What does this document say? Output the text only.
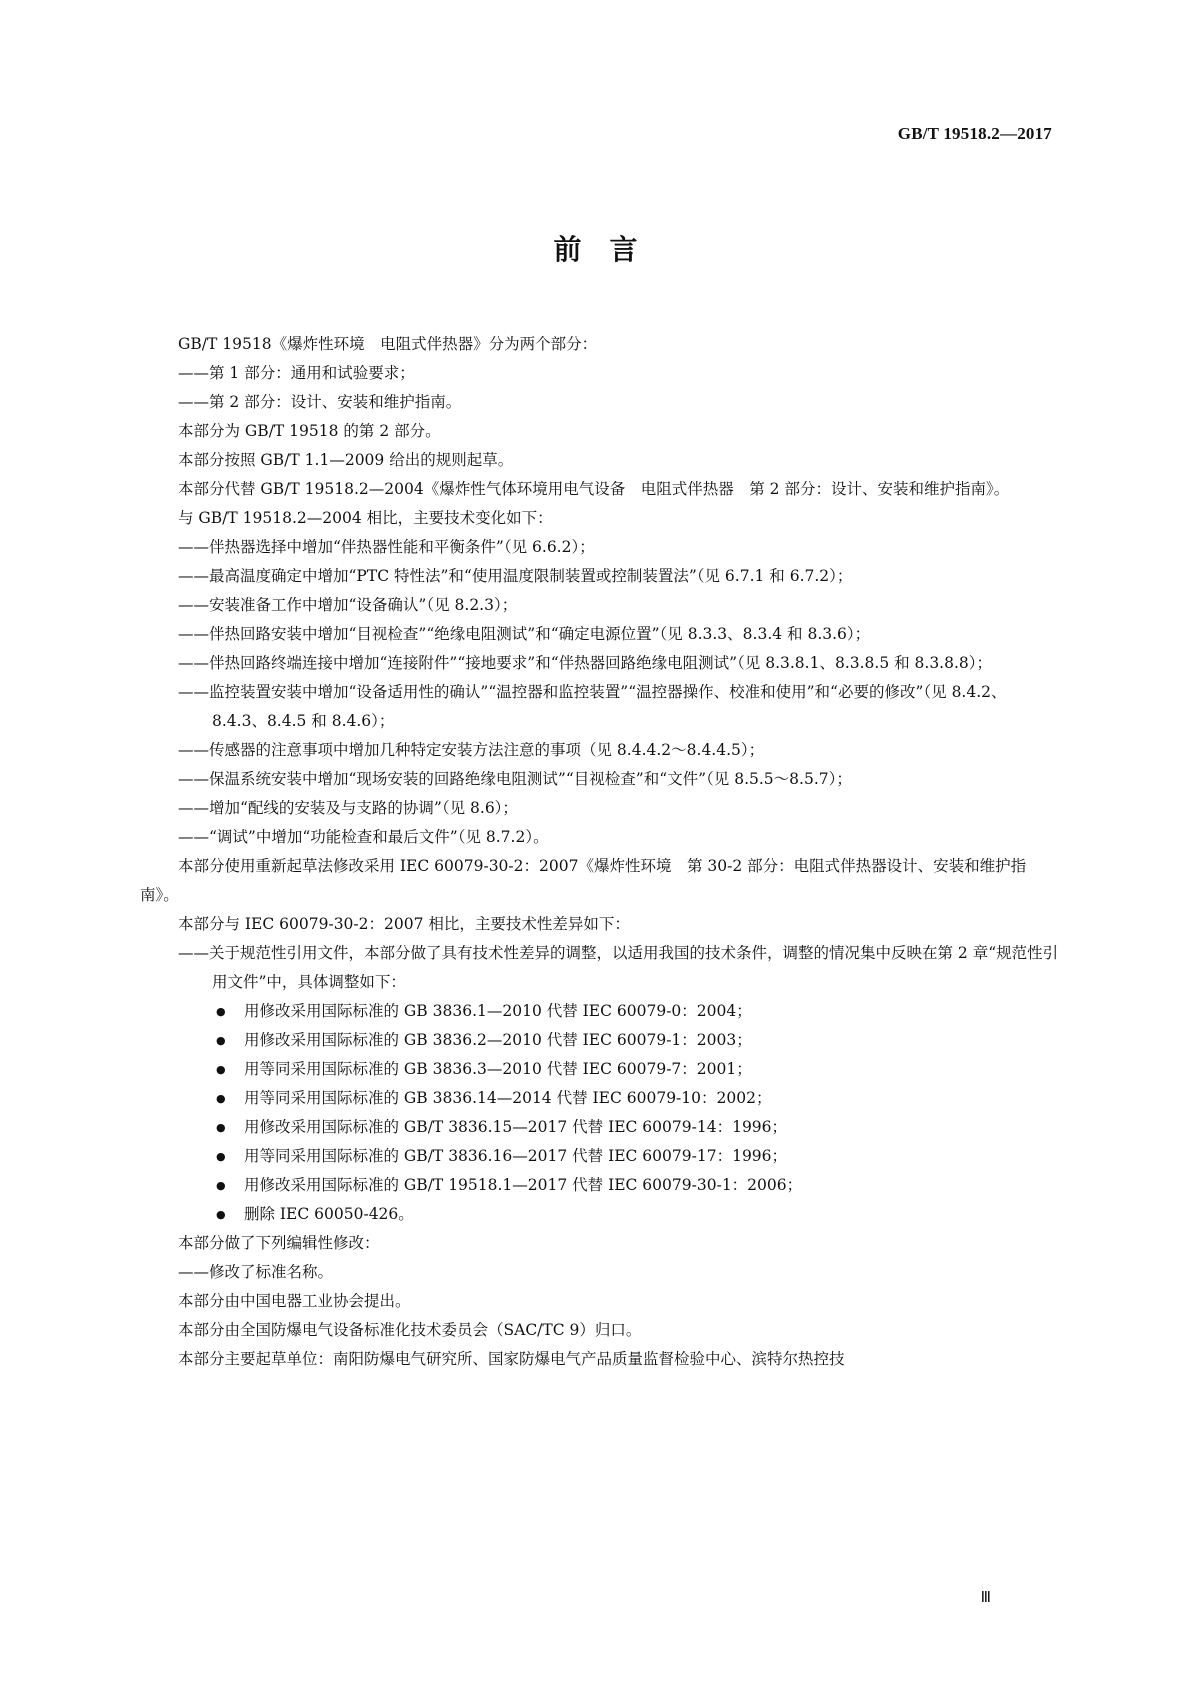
GB/T 19518.2—2017
前言

GB/T 19518《爆炸性环境　电阻式伴热器》分为两个部分：

——第 1 部分：通用和试验要求；

——第 2 部分：设计、安装和维护指南。

本部分为 GB/T 19518 的第 2 部分。

本部分按照 GB/T 1.1—2009 给出的规则起草。

本部分代替 GB/T 19518.2—2004《爆炸性气体环境用电气设备　电阻式伴热器　第 2 部分：设计、安装和维护指南》。

与 GB/T 19518.2—2004 相比，主要技术变化如下：

——伴热器选择中增加“伴热器性能和平衡条件”（见 6.6.2）；

——最高温度确定中增加“PTC 特性法”和“使用温度限制装置或控制装置法”（见 6.7.1 和 6.7.2）；

——安装准备工作中增加“设备确认”（见 8.2.3）；

——伴热回路安装中增加“目视检查”“绝缘电阻测试”和“确定电源位置”（见 8.3.3、8.3.4 和 8.3.6）；

——伴热回路终端连接中增加“连接附件”“接地要求”和“伴热器回路绝缘电阻测试”（见 8.3.8.1、8.3.8.5 和 8.3.8.8）；

——监控装置安装中增加“设备适用性的确认”“温控器和监控装置”“温控器操作、校准和使用”和“必要的修改”（见 8.4.2、8.4.3、8.4.5 和 8.4.6）；

——传感器的注意事项中增加几种特定安装方法注意的事项（见 8.4.4.2～8.4.4.5）；

——保温系统安装中增加“现场安装的回路绝缘电阻测试”“目视检查”和“文件”（见 8.5.5～8.5.7）；

——增加“配线的安装及与支路的协调”（见 8.6）；

——“调试”中增加“功能检查和最后文件”（见 8.7.2）。

本部分使用重新起草法修改采用 IEC 60079-30-2：2007《爆炸性环境　第 30-2 部分：电阻式伴热器设计、安装和维护指南》。

本部分与 IEC 60079-30-2：2007 相比，主要技术性差异如下：

——关于规范性引用文件，本部分做了具有技术性差异的调整，以适用我国的技术条件，调整的情况集中反映在第 2 章“规范性引用文件”中，具体调整如下：

● 用修改采用国际标准的 GB 3836.1—2010 代替 IEC 60079-0：2004；
● 用修改采用国际标准的 GB 3836.2—2010 代替 IEC 60079-1：2003；
● 用等同采用国际标准的 GB 3836.3—2010 代替 IEC 60079-7：2001；
● 用等同采用国际标准的 GB 3836.14—2014 代替 IEC 60079-10：2002；
● 用修改采用国际标准的 GB/T 3836.15—2017 代替 IEC 60079-14：1996；
● 用等同采用国际标准的 GB/T 3836.16—2017 代替 IEC 60079-17：1996；
● 用修改采用国际标准的 GB/T 19518.1—2017 代替 IEC 60079-30-1：2006；
● 删除 IEC 60050-426。

本部分做了下列编辑性修改：

——修改了标准名称。

本部分由中国电器工业协会提出。

本部分由全国防爆电气设备标准化技术委员会（SAC/TC 9）归口。

本部分主要起草单位：南阳防爆电气研究所、国家防爆电气产品质量监督检验中心、滨特尔热控技

Ⅲ
